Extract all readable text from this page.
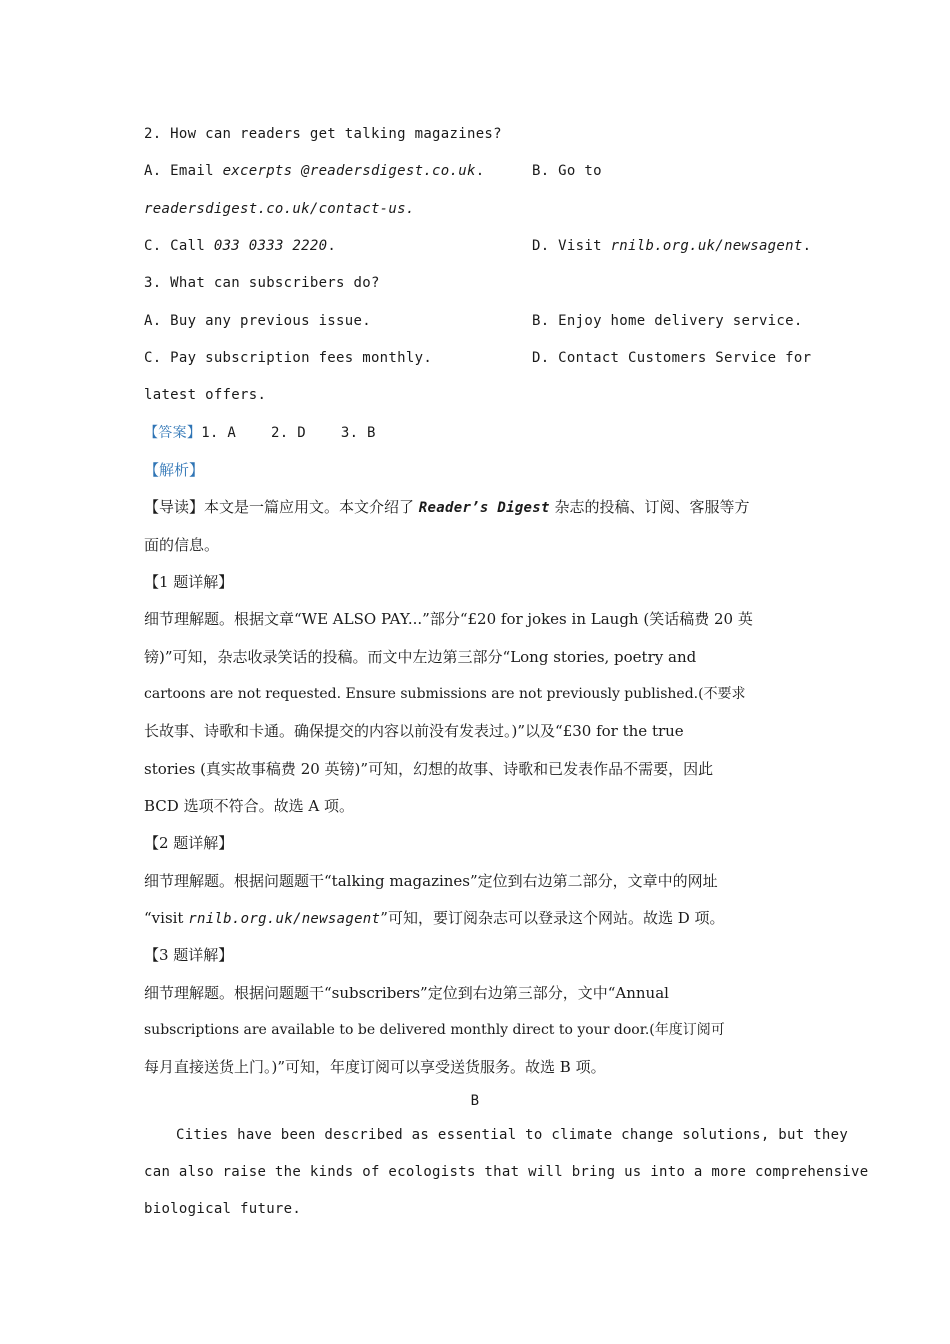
2. How can readers get talking magazines?
A. Email excerpts @readersdigest.co.uk.	B. Go to
readersdigest.co.uk/contact-us.
C. Call 033 0333 2220.	D. Visit rnilb.org.uk/newsagent.
3. What can subscribers do?
A. Buy any previous issue.	B. Enjoy home delivery service.
C. Pay subscription fees monthly.	D. Contact Customers Service for
latest offers.
【答案】1. A    2. D    3. B
【解析】
【导读】本文是一篇应用文。本文介绍了 Reader’s Digest 杂志的投稿、订阅、客服等方
面的信息。
【1 题详解】
细节理解题。根据文章“WE ALSO PAY...”部分“£20 for jokes in Laugh (笑话稿费 20 英
镑)”可知，杂志收录笑话的投稿。而文中左边第三部分“Long stories, poetry and
cartoons are not requested. Ensure submissions are not previously published.(不要求
长故事、诗歌和卡通。确保提交的内容以前没有发表过。)”以及“£30 for the true
stories (真实故事稿费 20 英镑)”可知，幻想的故事、诗歌和已发表作品不需要，因此
BCD 选项不符合。故选 A 项。
【2 题详解】
细节理解题。根据问题题干“talking magazines”定位到右边第二部分，文章中的网址
“visit rnilb.org.uk/newsagent”可知，要订阅杂志可以登录这个网站。故选 D 项。
【3 题详解】
细节理解题。根据问题题干“subscribers”定位到右边第三部分，文中“Annual
subscriptions are available to be delivered monthly direct to your door.(年度订阅可
每月直接送货上门。)”可知，年度订阅可以享受送货服务。故选 B 项。
B
Cities have been described as essential to climate change solutions, but they
can also raise the kinds of ecologists that will bring us into a more comprehensive
biological future.
